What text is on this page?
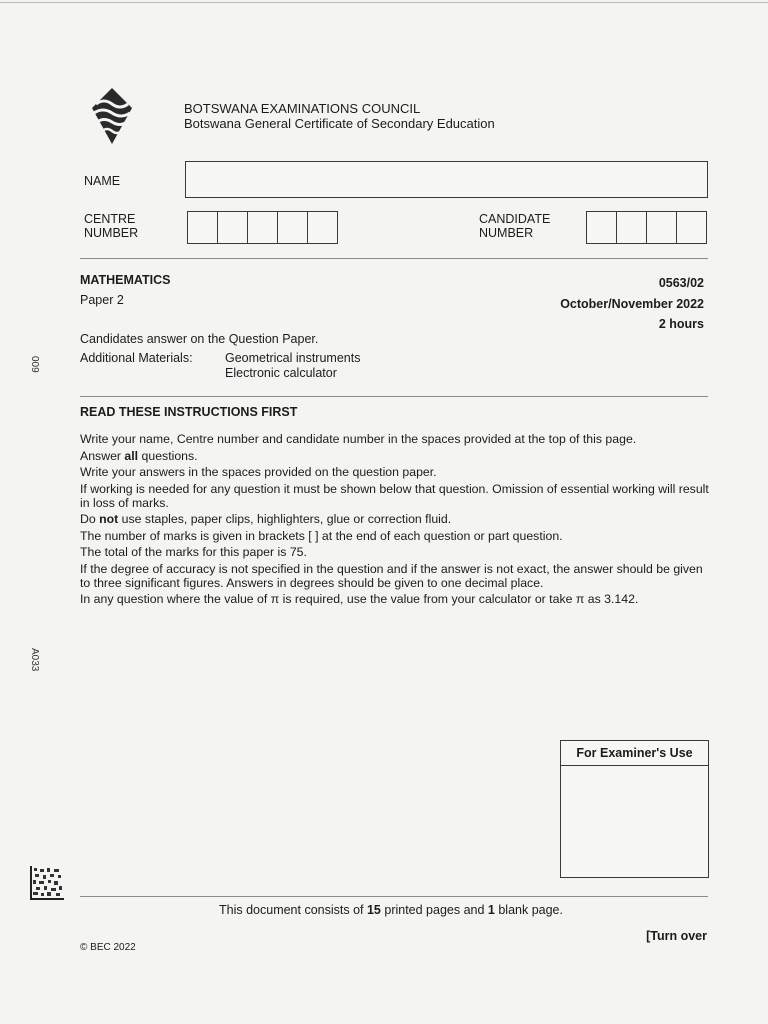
009
A033
BOTSWANA EXAMINATIONS COUNCIL
Botswana General Certificate of Secondary Education
NAME
CENTRE
NUMBER
CANDIDATE
NUMBER
MATHEMATICS
Paper 2
0563/02
October/November 2022
2 hours
Candidates answer on the Question Paper.
Additional Materials:	Geometrical instruments
Electronic calculator
READ THESE INSTRUCTIONS FIRST

Write your name, Centre number and candidate number in the spaces provided at the top of this page.

Answer all questions.

Write your answers in the spaces provided on the question paper.

If working is needed for any question it must be shown below that question. Omission of essential working will result in loss of marks.

Do not use staples, paper clips, highlighters, glue or correction fluid.

The number of marks is given in brackets [ ] at the end of each question or part question.

The total of the marks for this paper is 75.

If the degree of accuracy is not specified in the question and if the answer is not exact, the answer should be given to three significant figures. Answers in degrees should be given to one decimal place.

In any question where the value of π is required, use the value from your calculator or take π as 3.142.

For Examiner's Use
This document consists of 15 printed pages and 1 blank page.
[Turn over
© BEC 2022
